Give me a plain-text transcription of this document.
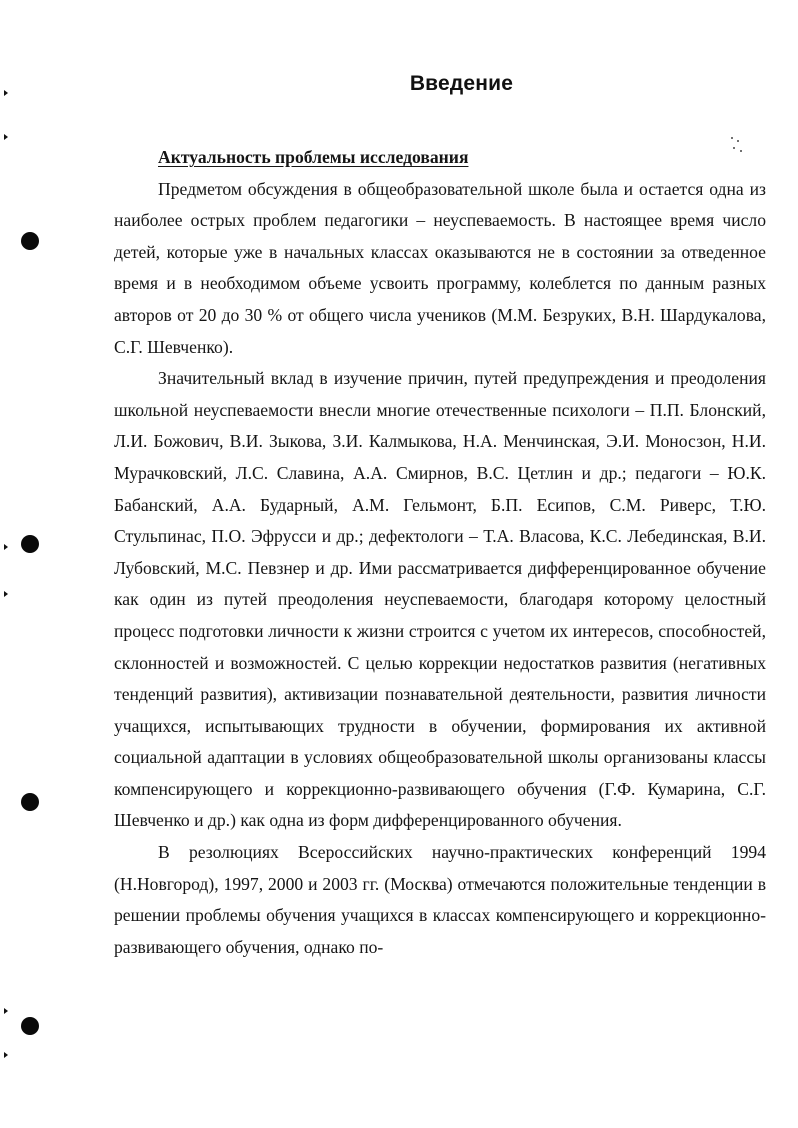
Введение
Актуальность проблемы исследования

Предметом обсуждения в общеобразовательной школе была и остается одна из наиболее острых проблем педагогики – неуспеваемость. В настоящее время число детей, которые уже в начальных классах оказываются не в состоянии за отведенное время и в необходимом объеме усвоить программу, колеблется по данным разных авторов от 20 до 30 % от общего числа учеников (М.М. Безруких, В.Н. Шардукалова, С.Г. Шевченко).

Значительный вклад в изучение причин, путей предупреждения и преодоления школьной неуспеваемости внесли многие отечественные психологи – П.П. Блонский, Л.И. Божович, В.И. Зыкова, З.И. Калмыкова, Н.А. Менчинская, Э.И. Моносзон, Н.И. Мурачковский, Л.С. Славина, А.А. Смирнов, В.С. Цетлин и др.; педагоги – Ю.К. Бабанский, А.А. Бударный, А.М. Гельмонт, Б.П. Есипов, С.М. Риверс, Т.Ю. Стульпинас, П.О. Эфрусси и др.; дефектологи – Т.А. Власова, К.С. Лебединская, В.И. Лубовский, М.С. Певзнер и др. Ими рассматривается дифференцированное обучение как один из путей преодоления неуспеваемости, благодаря которому целостный процесс подготовки личности к жизни строится с учетом их интересов, способностей, склонностей и возможностей. С целью коррекции недостатков развития (негативных тенденций развития), активизации познавательной деятельности, развития личности учащихся, испытывающих трудности в обучении, формирования их активной социальной адаптации в условиях общеобразовательной школы организованы классы компенсирующего и коррекционно-развивающего обучения (Г.Ф. Кумарина, С.Г. Шевченко и др.) как одна из форм дифференцированного обучения.

В резолюциях Всероссийских научно-практических конференций 1994 (Н.Новгород), 1997, 2000 и 2003 гг. (Москва) отмечаются положительные тенденции в решении проблемы обучения учащихся в классах компенсирующего и коррекционно-развивающего обучения, однако по-
